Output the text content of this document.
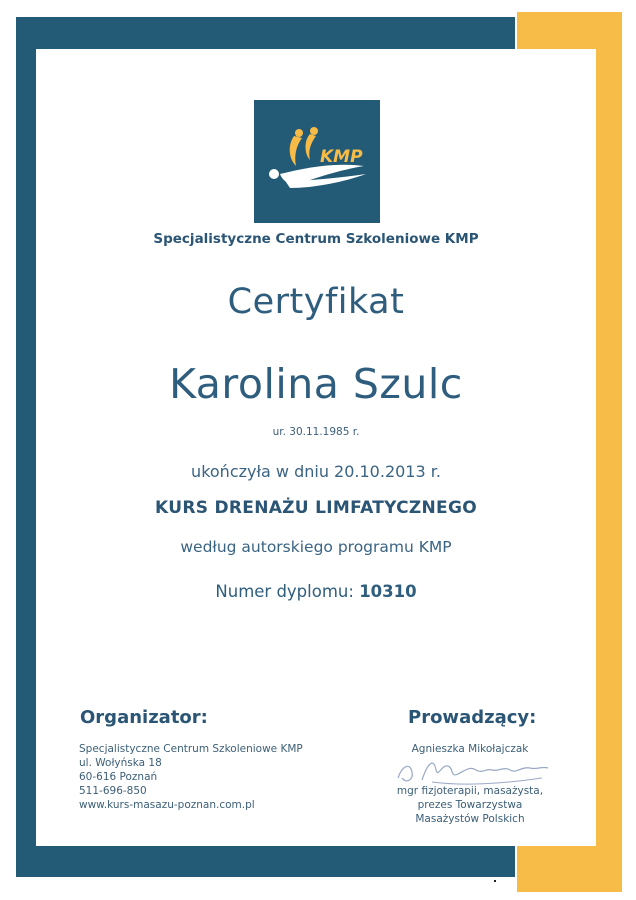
KMP
Specjalistyczne Centrum Szkoleniowe KMP
Certyfikat
Karolina Szulc
ur. 30.11.1985 r.
ukończyła w dniu 20.10.2013 r.
KURS DRENAŻU LIMFATYCZNEGO
według autorskiego programu KMP
Numer dyplomu: 10310
Organizator:	Prowadzący:
Specjalistyczne Centrum Szkoleniowe KMP
ul. Wołyńska 18
60-616 Poznań
511-696-850
www.kurs-masazu-poznan.com.pl
Agnieszka Mikołajczak
mgr fizjoterapii, masażysta,
prezes Towarzystwa
Masażystów Polskich
